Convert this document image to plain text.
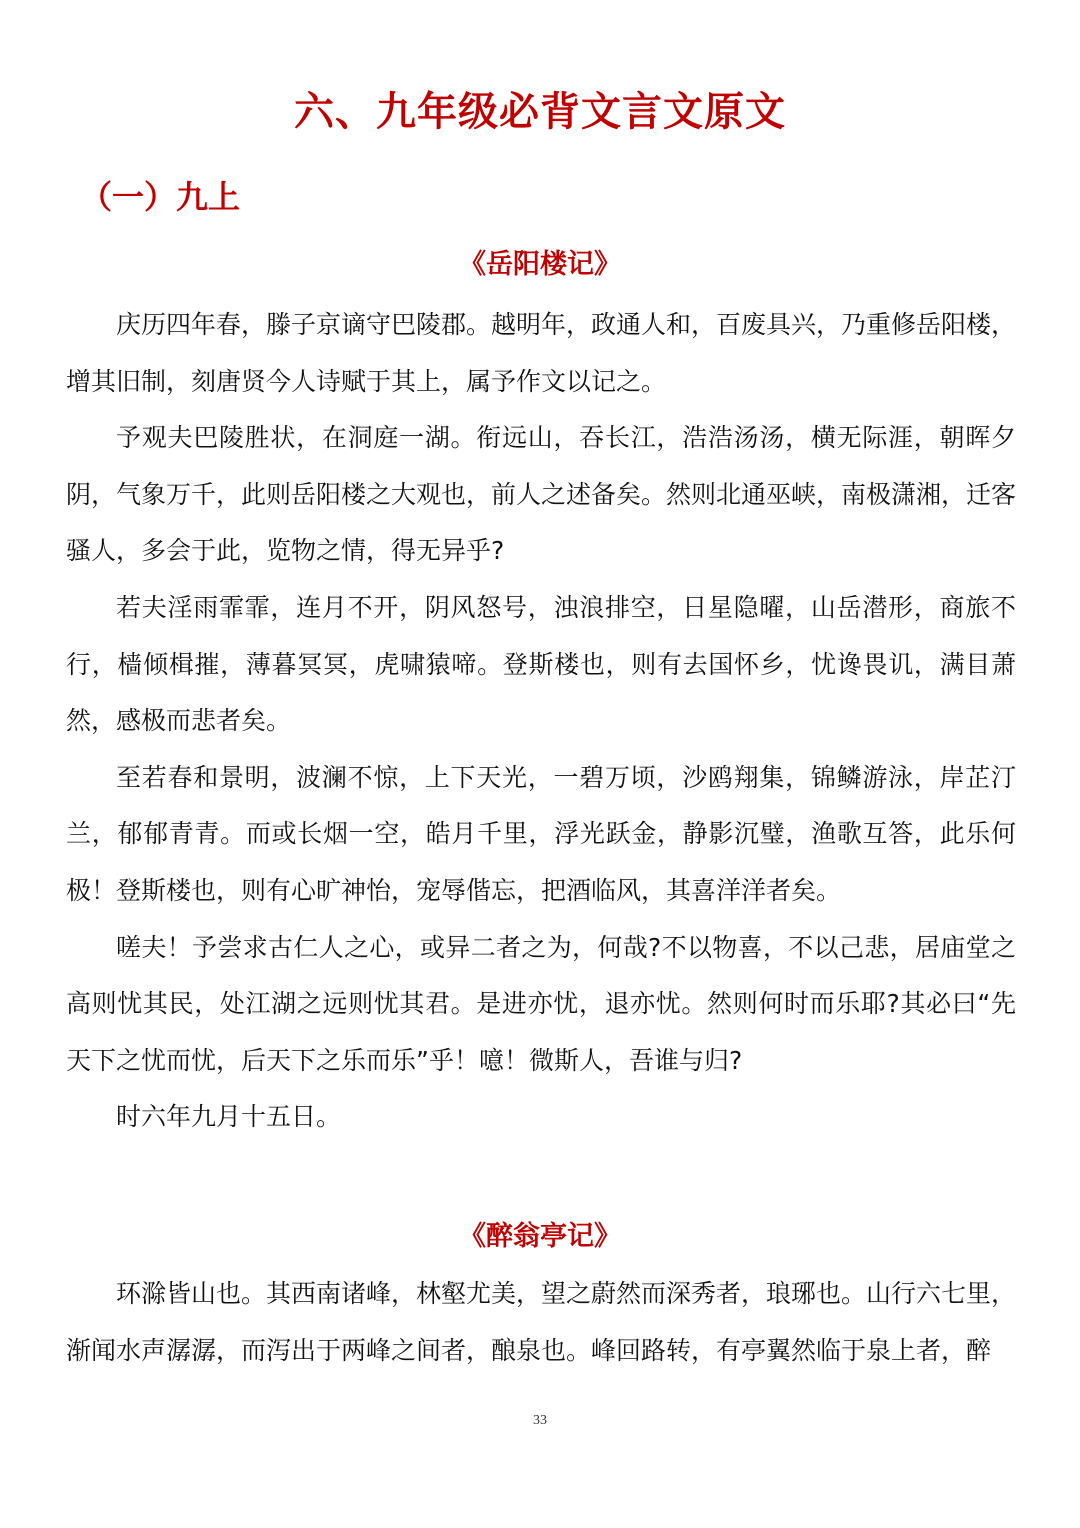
六、九年级必背文言文原文
（一）九上
《岳阳楼记》

庆历四年春，滕子京谪守巴陵郡。越明年，政通人和，百废具兴，乃重修岳阳楼，增其旧制，刻唐贤今人诗赋于其上，属予作文以记之。

予观夫巴陵胜状，在洞庭一湖。衔远山，吞长江，浩浩汤汤，横无际涯，朝晖夕阴，气象万千，此则岳阳楼之大观也，前人之述备矣。然则北通巫峡，南极潇湘，迁客骚人，多会于此，览物之情，得无异乎?

若夫淫雨霏霏，连月不开，阴风怒号，浊浪排空，日星隐曜，山岳潜形，商旅不行，樯倾楫摧，薄暮冥冥，虎啸猿啼。登斯楼也，则有去国怀乡，忧谗畏讥，满目萧然，感极而悲者矣。

至若春和景明，波澜不惊，上下天光，一碧万顷，沙鸥翔集，锦鳞游泳，岸芷汀兰，郁郁青青。而或长烟一空，皓月千里，浮光跃金，静影沉璧，渔歌互答，此乐何极！登斯楼也，则有心旷神怡，宠辱偕忘，把酒临风，其喜洋洋者矣。

嗟夫！予尝求古仁人之心，或异二者之为，何哉?不以物喜，不以己悲，居庙堂之高则忧其民，处江湖之远则忧其君。是进亦忧，退亦忧。然则何时而乐耶?其必曰“先天下之忧而忧，后天下之乐而乐”乎！噫！微斯人，吾谁与归?

时六年九月十五日。

《醉翁亭记》

环滁皆山也。其西南诸峰，林壑尤美，望之蔚然而深秀者，琅琊也。山行六七里，渐闻水声潺潺，而泻出于两峰之间者，酿泉也。峰回路转，有亭翼然临于泉上者，醉

33
